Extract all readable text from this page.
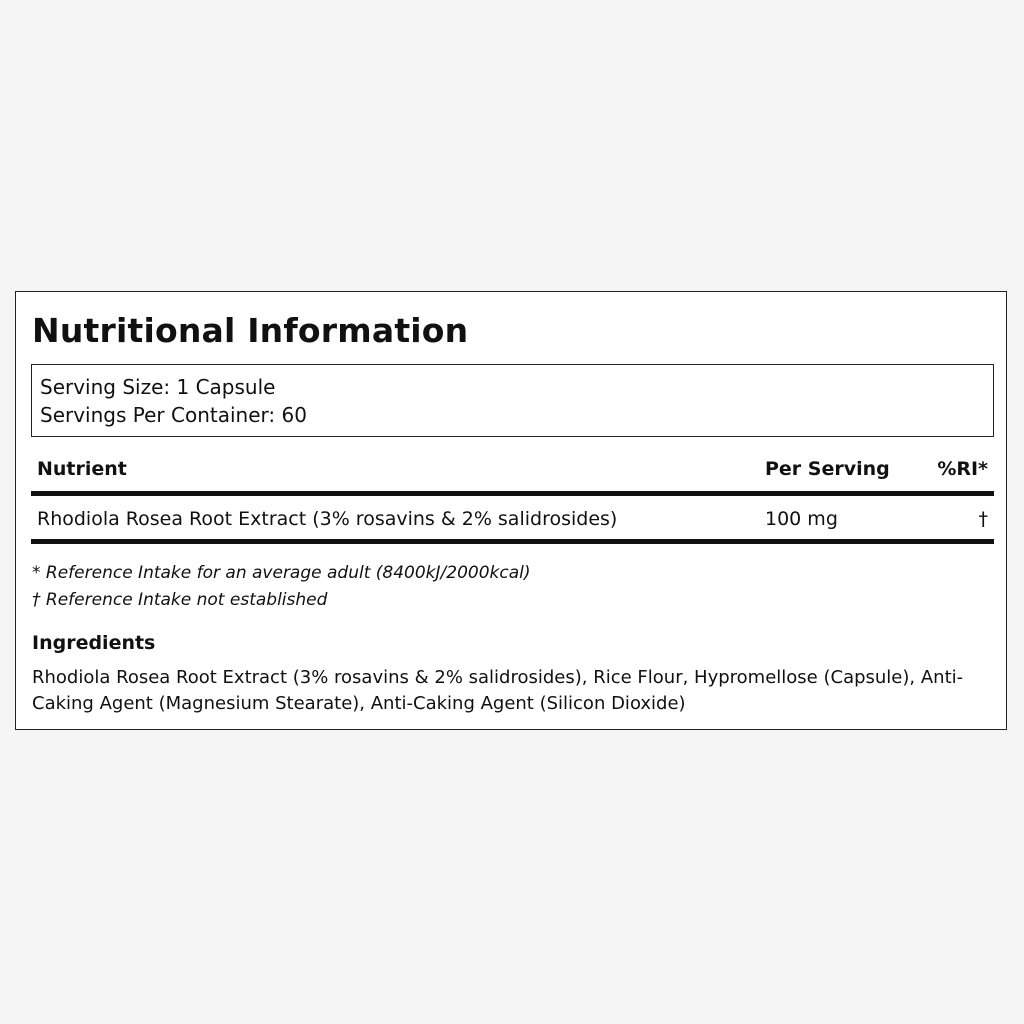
Nutritional Information
Serving Size: 1 Capsule
Servings Per Container: 60
Nutrient	Per Serving	%RI*
Rhodiola Rosea Root Extract (3% rosavins & 2% salidrosides)	100 mg	†
* Reference Intake for an average adult (8400kJ/2000kcal)
† Reference Intake not established
Ingredients
Rhodiola Rosea Root Extract (3% rosavins & 2% salidrosides), Rice Flour, Hypromellose (Capsule), Anti-Caking Agent (Magnesium Stearate), Anti-Caking Agent (Silicon Dioxide)
